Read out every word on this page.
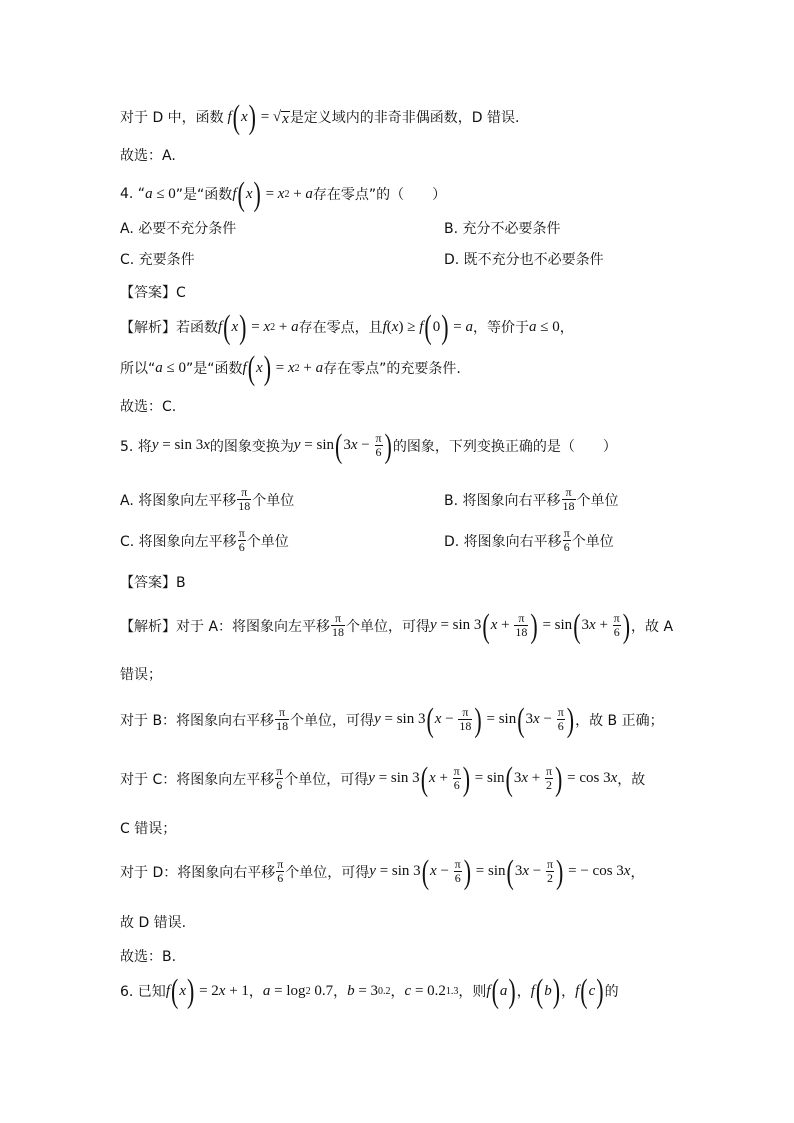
对于 D 中，函数
f ( x ) = √ x 是定义域内的非奇非偶函数，D 错误.
故选：A.
4. “ a ≤ 0 ”是“函数 f ( x ) = x 2 + a 存在零点”的（　　）
A. 必要不充分条件	B. 充分不必要条件
C. 充要条件	D. 既不充分也不必要条件
【答案】C
【解析】若函数 f ( x ) = x 2 + a 存在零点，且 f ( x ) ≥ f ( 0 ) = a ，等价于 a ≤ 0 ，
所以“ a ≤ 0 ”是“函数 f ( x ) = x 2 + a 存在零点”的充要条件.
故选：C.
5. 将 y = sin 3 x 的图象变换为 y = sin ( 3 $x - \frac{\pi}{6}$ ) 的图象，下列变换正确的是（　　）
A. 将图象向左平移 $\frac{\pi}{18}$ 个单位	B. 将图象向右平移 $\frac{\pi}{18}$ 个单位
C. 将图象向左平移 $\frac{\pi}{6}$ 个单位	D. 将图象向右平移 $\frac{\pi}{6}$ 个单位
【答案】B
【解析】对于 A：将图象向左平移 $\frac{\pi}{18}$ 个单位，可得 y = sin 3 ( $x + \frac{\pi}{18}$ ) = sin ( 3 $x + \frac{\pi}{6}$ ) ，故 A
错误；
对于 B：将图象向右平移 $\frac{\pi}{18}$ 个单位，可得 y = sin 3 ( $x - \frac{\pi}{18}$ ) = sin ( 3 $x - \frac{\pi}{6}$ ) ，故 B 正确；
对于 C：将图象向左平移 $\frac{\pi}{6}$ 个单位，可得 y = sin 3 ( $x + \frac{\pi}{6}$ ) = sin ( 3 $x + \frac{\pi}{2}$ ) = cos 3 x ，故
C 错误；
对于 D：将图象向右平移 $\frac{\pi}{6}$ 个单位，可得 y = sin 3 ( $x - \frac{\pi}{6}$ ) = sin ( 3 $x - \frac{\pi}{2}$ ) = − cos 3 x ，
故 D 错误.
故选：B.
6. 已知 f ( x ) = 2 x + 1 ， a = log 2 0.7 ， b = 3 0.2 ， c = 0.2 1.3 ，则 f ( a ) ， f ( b ) ， f ( c ) 的
